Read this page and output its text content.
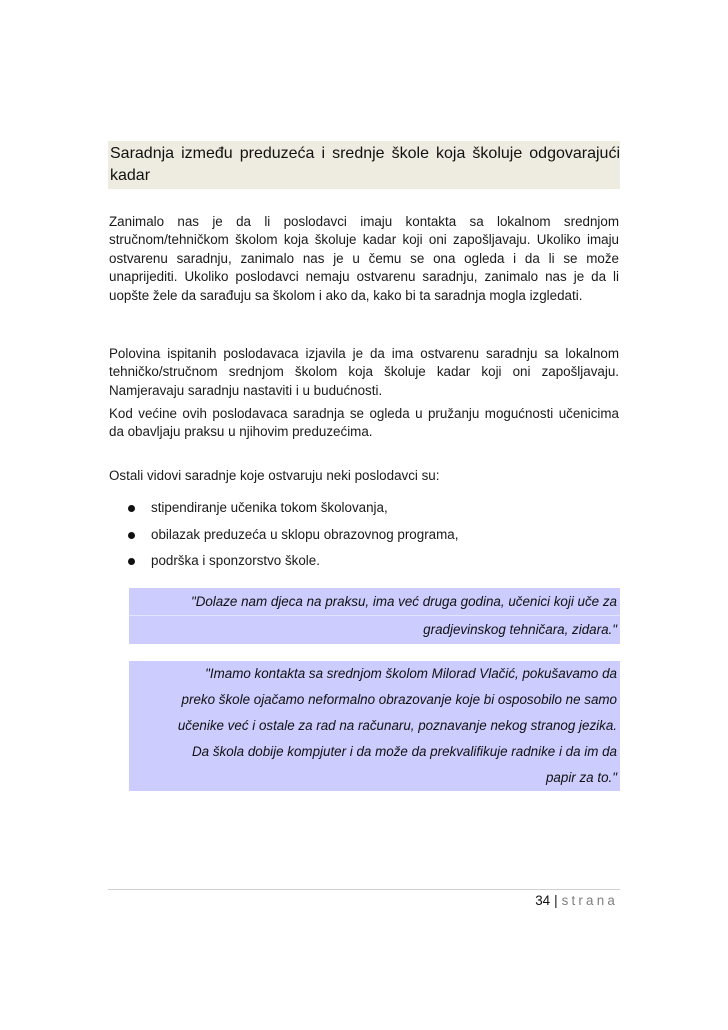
Saradnja između preduzeća i srednje škole koja školuje odgovarajući kadar

Zanimalo nas je da li poslodavci imaju kontakta sa lokalnom srednjom stručnom/tehničkom školom koja školuje kadar koji oni zapošljavaju. Ukoliko imaju ostvarenu saradnju, zanimalo nas je u čemu se ona ogleda i da li se može unaprijediti. Ukoliko poslodavci nemaju ostvarenu saradnju, zanimalo nas je da li uopšte žele da sarađuju sa školom i ako da, kako bi ta saradnja mogla izgledati.

Polovina ispitanih poslodavaca izjavila je da ima ostvarenu saradnju sa lokalnom tehničko/stručnom srednjom školom koja školuje kadar koji oni zapošljavaju. Namjeravaju saradnju nastaviti i u budućnosti.

Kod većine ovih poslodavaca saradnja se ogleda u pružanju mogućnosti učenicima da obavljaju praksu u njihovim preduzećima.

Ostali vidovi saradnje koje ostvaruju neki poslodavci su:

stipendiranje učenika tokom školovanja,
obilazak preduzeća u sklopu obrazovnog programa,
podrška i sponzorstvo škole.
"Dolaze nam djeca na praksu, ima već druga godina, učenici koji uče za
gradjevinskog tehničara, zidara."
"Imamo kontakta sa srednjom školom Milorad Vlačić, pokušavamo da
preko škole ojačamo neformalno obrazovanje koje bi osposobilo ne samo
učenike već i ostale za rad na računaru, poznavanje nekog stranog jezika.
Da škola dobije kompjuter i da može da prekvalifikuje radnike i da im da
papir za to."
34 | strana
